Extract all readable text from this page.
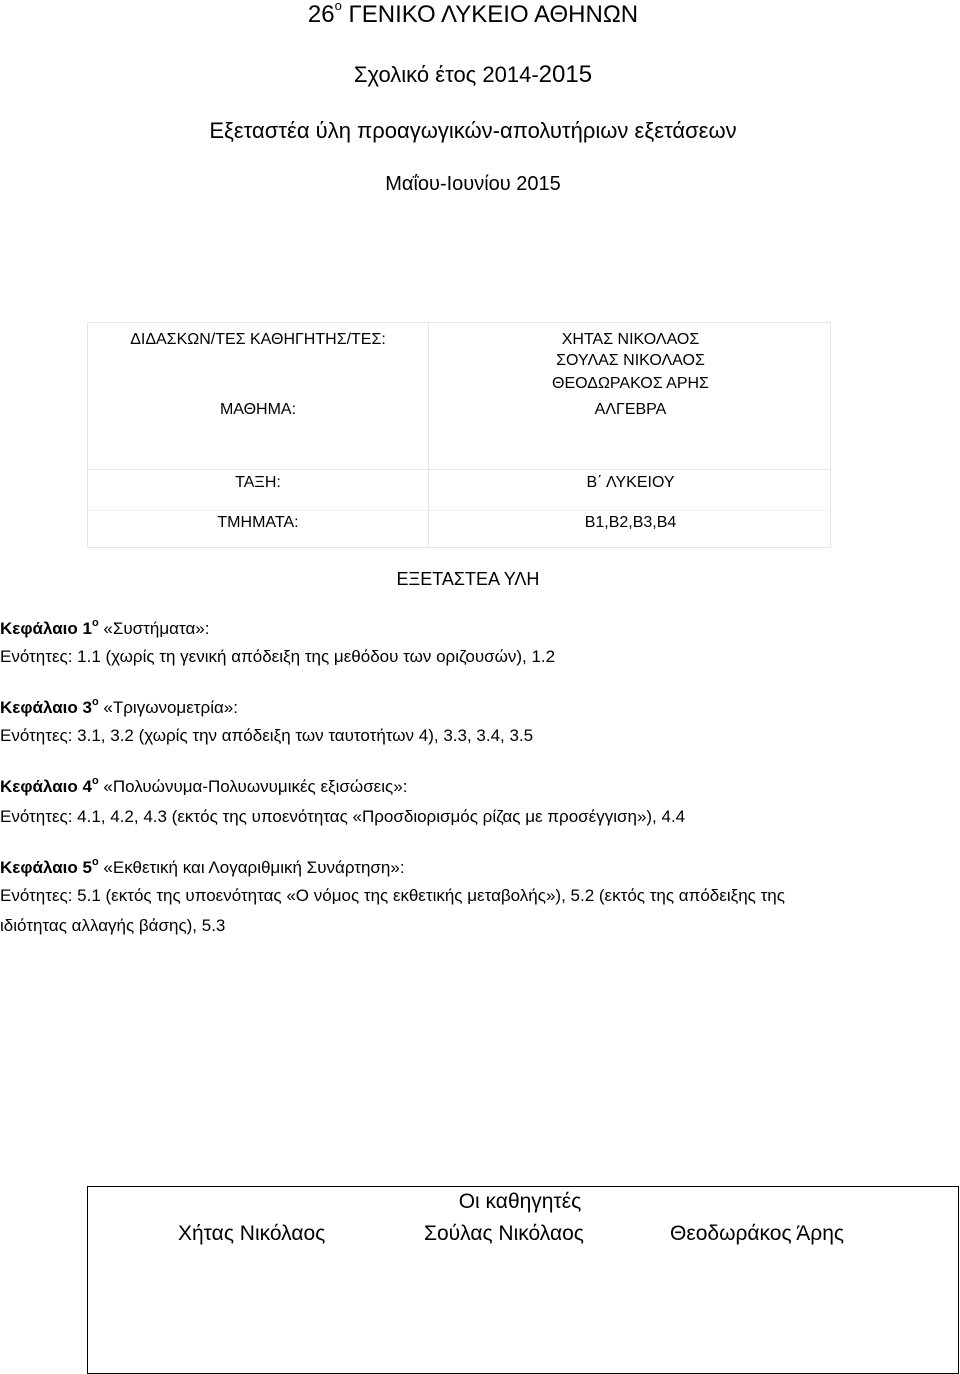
$26^o$ ΓΕΝΙΚΟ ΛΥΚΕΙΟ ΑΘΗΝΩΝ
Σχολικό έτος 2014-2015
Εξεταστέα ύλη προαγωγικών-απολυτήριων εξετάσεων
Μαΐου-Ιουνίου 2015
ΔΙΔΑΣΚΩΝ/ΤΕΣ ΚΑΘΗΓΗΤΗΣ/ΤΕΣ:	ΧΗΤΑΣ ΝΙΚΟΛΑΟΣ
ΣΟΥΛΑΣ ΝΙΚΟΛΑΟΣ
ΘΕΟΔΩΡΑΚΟΣ ΑΡΗΣ
ΜΑΘΗΜΑ:	ΑΛΓΕΒΡΑ
ΤΑΞΗ:	Β΄ ΛΥΚΕΙΟΥ
ΤΜΗΜΑΤΑ:	Β1,Β2,Β3,Β4
ΕΞΕΤΑΣΤΕΑ ΥΛΗ
Κεφάλαιο $1^o$ «Συστήματα»:
Ενότητες: 1.1 (χωρίς τη γενική απόδειξη της μεθόδου των οριζουσών), 1.2
Κεφάλαιο $3^o$ «Τριγωνομετρία»:
Ενότητες: 3.1, 3.2 (χωρίς την απόδειξη των ταυτοτήτων 4), 3.3, 3.4, 3.5
Κεφάλαιο $4^o$ «Πολυώνυμα-Πολυωνυμικές εξισώσεις»:
Ενότητες: 4.1, 4.2, 4.3 (εκτός της υποενότητας «Προσδιορισμός ρίζας με προσέγγιση»), 4.4
Κεφάλαιο $5^o$ «Εκθετική και Λογαριθμική Συνάρτηση»:
Ενότητες: 5.1 (εκτός της υποενότητας «Ο νόμος της εκθετικής μεταβολής»), 5.2 (εκτός της απόδειξης της
ιδιότητας αλλαγής βάσης), 5.3
Οι καθηγητές
Χήτας Νικόλαος	Σούλας Νικόλαος	Θεοδωράκος Άρης
